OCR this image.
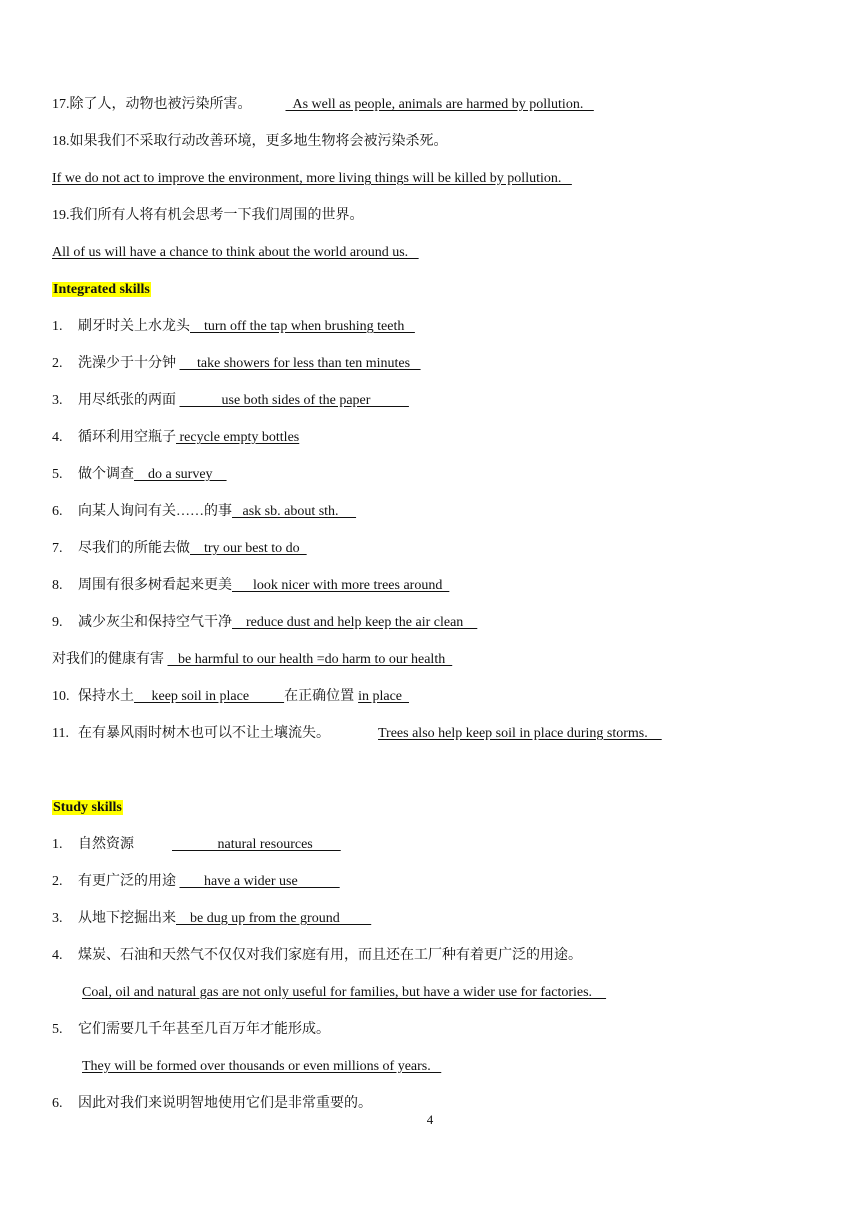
17.除了人，动物也被污染所害。  As well as people, animals are harmed by pollution.
18.如果我们不采取行动改善环境，更多地生物将会被污染杀死。
If we do not act to improve the environment, more living things will be killed by pollution.
19.我们所有人将有机会思考一下我们周围的世界。
All of us will have a chance to think about the world around us.
Integrated skills
1. 刷牙时关上水龙头    turn off the tap when brushing teeth
2. 洗澡少于十分钟      take showers for less than ten minutes
3. 用尽纸张的两面             use both sides of the paper
4. 循环利用空瓶子 recycle empty bottles
5. 做个调查    do a survey
6. 向某人询问有关……的事   ask sb. about sth.
7. 尽我们的所能去做    try our best to do
8. 周围有很多树看起来更美      look nicer with more trees around
9. 减少灰尘和保持空气干净    reduce dust and help keep the air clean
对我们的健康有害    be harmful to our health =do harm to our health
10. 保持水土     keep soil in place          在正确位置 in place
11. 在有暴风雨时树木也可以不让土壤流失。	Trees also help keep soil in place during storms.
Study skills
1. 自然资源	natural resources
2. 有更广泛的用途        have a wider use
3. 从地下挖掘出来    be dug up from the ground
4. 煤炭、石油和天然气不仅仅对我们家庭有用，而且还在工厂种有着更广泛的用途。
Coal, oil and natural gas are not only useful for families, but have a wider use for factories.
5. 它们需要几千年甚至几百万年才能形成。
They will be formed over thousands or even millions of years.
6. 因此对我们来说明智地使用它们是非常重要的。
4
